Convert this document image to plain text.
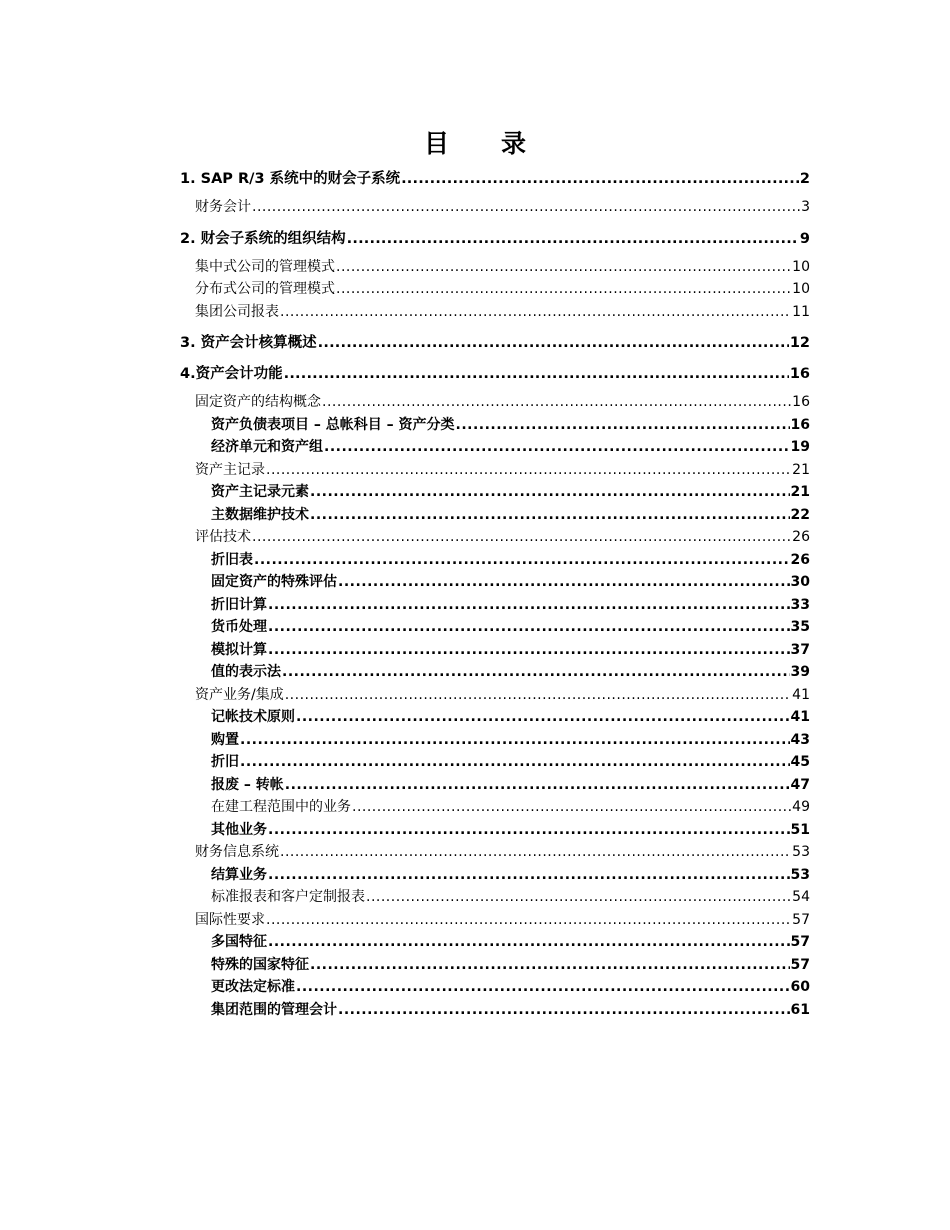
目 录
1. SAP R/3 系统中的财会子系统 .....	2
财务会计 .....	3
2. 财会子系统的组织结构 .....	9
集中式公司的管理模式 .....	10
分布式公司的管理模式 .....	10
集团公司报表 .....	11
3. 资产会计核算概述 .....	12
4.资产会计功能 .....	16
固定资产的结构概念 .....	16
资产负债表项目 – 总帐科目 – 资产分类 .....	16
经济单元和资产组 .....	19
资产主记录 .....	21
资产主记录元素 .....	21
主数据维护技术 .....	22
评估技术 .....	26
折旧表 .....	26
固定资产的特殊评估 .....	30
折旧计算 .....	33
货币处理 .....	35
模拟计算 .....	37
值的表示法 .....	39
资产业务/集成 .....	41
记帐技术原则 .....	41
购置 .....	43
折旧 .....	45
报废 – 转帐 .....	47
在建工程范围中的业务 .....	49
其他业务 .....	51
财务信息系统 .....	53
结算业务 .....	53
标准报表和客户定制报表 .....	54
国际性要求 .....	57
多国特征 .....	57
特殊的国家特征 .....	57
更改法定标准 .....	60
集团范围的管理会计 .....	61
